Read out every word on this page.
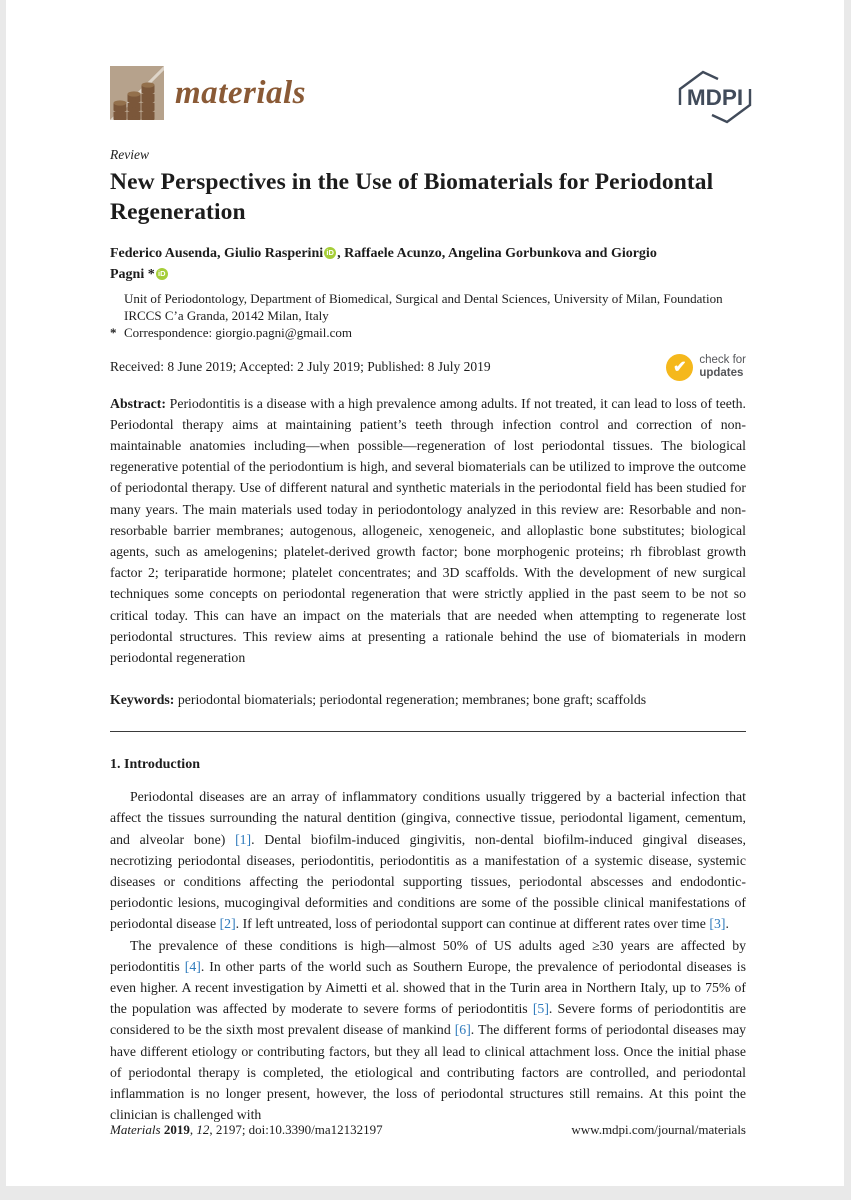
materials	MDPI
Review
New Perspectives in the Use of Biomaterials for Periodontal Regeneration
Federico Ausenda, Giulio Rasperini iD , Raffaele Acunzo, Angelina Gorbunkova and Giorgio Pagni * iD
Unit of Periodontology, Department of Biomedical, Surgical and Dental Sciences, University of Milan, Foundation IRCCS C’a Granda, 20142 Milan, Italy
* Correspondence: giorgio.pagni@gmail.com
Received: 8 June 2019; Accepted: 2 July 2019; Published: 8 July 2019	✔	check for
updates

Abstract: Periodontitis is a disease with a high prevalence among adults. If not treated, it can lead to loss of teeth. Periodontal therapy aims at maintaining patient’s teeth through infection control and correction of non-maintainable anatomies including—when possible—regeneration of lost periodontal tissues. The biological regenerative potential of the periodontium is high, and several biomaterials can be utilized to improve the outcome of periodontal therapy. Use of different natural and synthetic materials in the periodontal field has been studied for many years. The main materials used today in periodontology analyzed in this review are: Resorbable and non-resorbable barrier membranes; autogenous, allogeneic, xenogeneic, and alloplastic bone substitutes; biological agents, such as amelogenins; platelet-derived growth factor; bone morphogenic proteins; rh fibroblast growth factor 2; teriparatide hormone; platelet concentrates; and 3D scaffolds. With the development of new surgical techniques some concepts on periodontal regeneration that were strictly applied in the past seem to be not so critical today. This can have an impact on the materials that are needed when attempting to regenerate lost periodontal structures. This review aims at presenting a rationale behind the use of biomaterials in modern periodontal regeneration

Keywords: periodontal biomaterials; periodontal regeneration; membranes; bone graft; scaffolds

1. Introduction

Periodontal diseases are an array of inflammatory conditions usually triggered by a bacterial infection that affect the tissues surrounding the natural dentition (gingiva, connective tissue, periodontal ligament, cementum, and alveolar bone) [1]. Dental biofilm-induced gingivitis, non-dental biofilm-induced gingival diseases, necrotizing periodontal diseases, periodontitis, periodontitis as a manifestation of a systemic disease, systemic diseases or conditions affecting the periodontal supporting tissues, periodontal abscesses and endodontic-periodontic lesions, mucogingival deformities and conditions are some of the possible clinical manifestations of periodontal disease [2]. If left untreated, loss of periodontal support can continue at different rates over time [3].

The prevalence of these conditions is high—almost 50% of US adults aged ≥30 years are affected by periodontitis [4]. In other parts of the world such as Southern Europe, the prevalence of periodontal diseases is even higher. A recent investigation by Aimetti et al. showed that in the Turin area in Northern Italy, up to 75% of the population was affected by moderate to severe forms of periodontitis [5]. Severe forms of periodontitis are considered to be the sixth most prevalent disease of mankind [6]. The different forms of periodontal diseases may have different etiology or contributing factors, but they all lead to clinical attachment loss. Once the initial phase of periodontal therapy is completed, the etiological and contributing factors are controlled, and periodontal inflammation is no longer present, however, the loss of periodontal structures still remains. At this point the clinician is challenged with

Materials 2019, 12, 2197; doi:10.3390/ma12132197	www.mdpi.com/journal/materials
